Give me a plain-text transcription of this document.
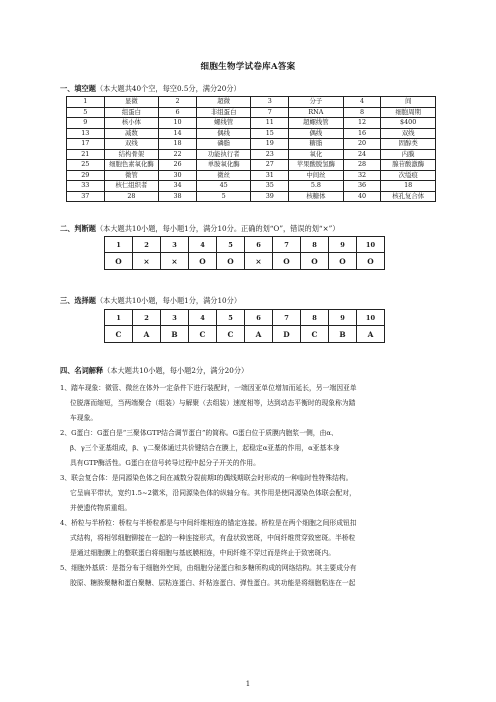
细胞生物学试卷库A答案
一、填空题（本大题共40个空，每空0.5分，满分20分）
1	显微	2	超微	3	分子	4	间
5	组蛋白	6	非组蛋白	7	RNA	8	细胞周期
9	核小体	10	螺线管	11	超螺线管	12	$400
13	减数	14	偶线	15	偶线	16	双线
17	双线	18	磷脂	19	糖脂	20	固醇类
21	结构骨架	22	功能执行者	23	氧化	24	内膜
25	细胞色素氧化酶	26	单胺氧化酶	27	苹果酸脱氢酶	28	腺苷酸激酶
29	微管	30	微丝	31	中间丝	32	次缢痕
33	核仁组织者	34	45	35	5.8	36	18
37	28	38	5	39	核糖体	40	核孔复合体
二、判断题（本大题共10小题，每小题1分，满分10分。正确的划“O”，错误的划“×”）
1	2	3	4	5	6	7	8	9	10
O	×	×	O	O	×	O	O	O	O
三、选择题（本大题共10小题，每小题1分，满分10分）
1	2	3	4	5	6	7	8	9	10
C	A	B	C	C	A	D	C	B	A
四、名词解释（本大题共10小题，每小题2分，满分20分）
1、踏车现象：微管、微丝在体外一定条件下进行装配时，一端因亚单位增加而延长，另一端因亚单
位脱落而缩短，当两端聚合（组装）与解聚（去组装）速度相等，达到动态平衡时的现象称为踏
车现象。
2、G蛋白：G蛋白是“三聚体GTP结合调节蛋白”的简称。G蛋白位于质膜内胞浆一侧，由α、
β、γ三个亚基组成，β、γ二聚体通过共价键结合在膜上，起稳定α亚基的作用，α亚基本身
具有GTP酶活性。G蛋白在信号转导过程中起分子开关的作用。
3、联会复合体：是同源染色体之间在减数分裂前期I的偶线期联会时形成的一种临时性特殊结构。
它呈扁平带状，宽约1.5~2微米，沿同源染色体的纵轴分布。其作用是使同源染色体联会配对，
并使遗传物质重组。
4、桥粒与半桥粒：桥粒与半桥粒都是与中间纤维相连的锚定连接。桥粒是在两个细胞之间形成钮扣
式结构，将相邻细胞铆接在一起的一种连接形式，有盘状致密斑，中间纤维贯穿致密斑。半桥粒
是通过细胞膜上的整联蛋白将细胞与基底膜相连，中间纤维不穿过而是终止于致密斑内。
5、细胞外基质：是指分布于细胞外空间，由细胞分泌蛋白和多糖所构成的网络结构。其主要成分有
胶原、糖胺聚糖和蛋白聚糖、层粘连蛋白、纤粘连蛋白、弹性蛋白。其功能是将细胞粘连在一起
1
